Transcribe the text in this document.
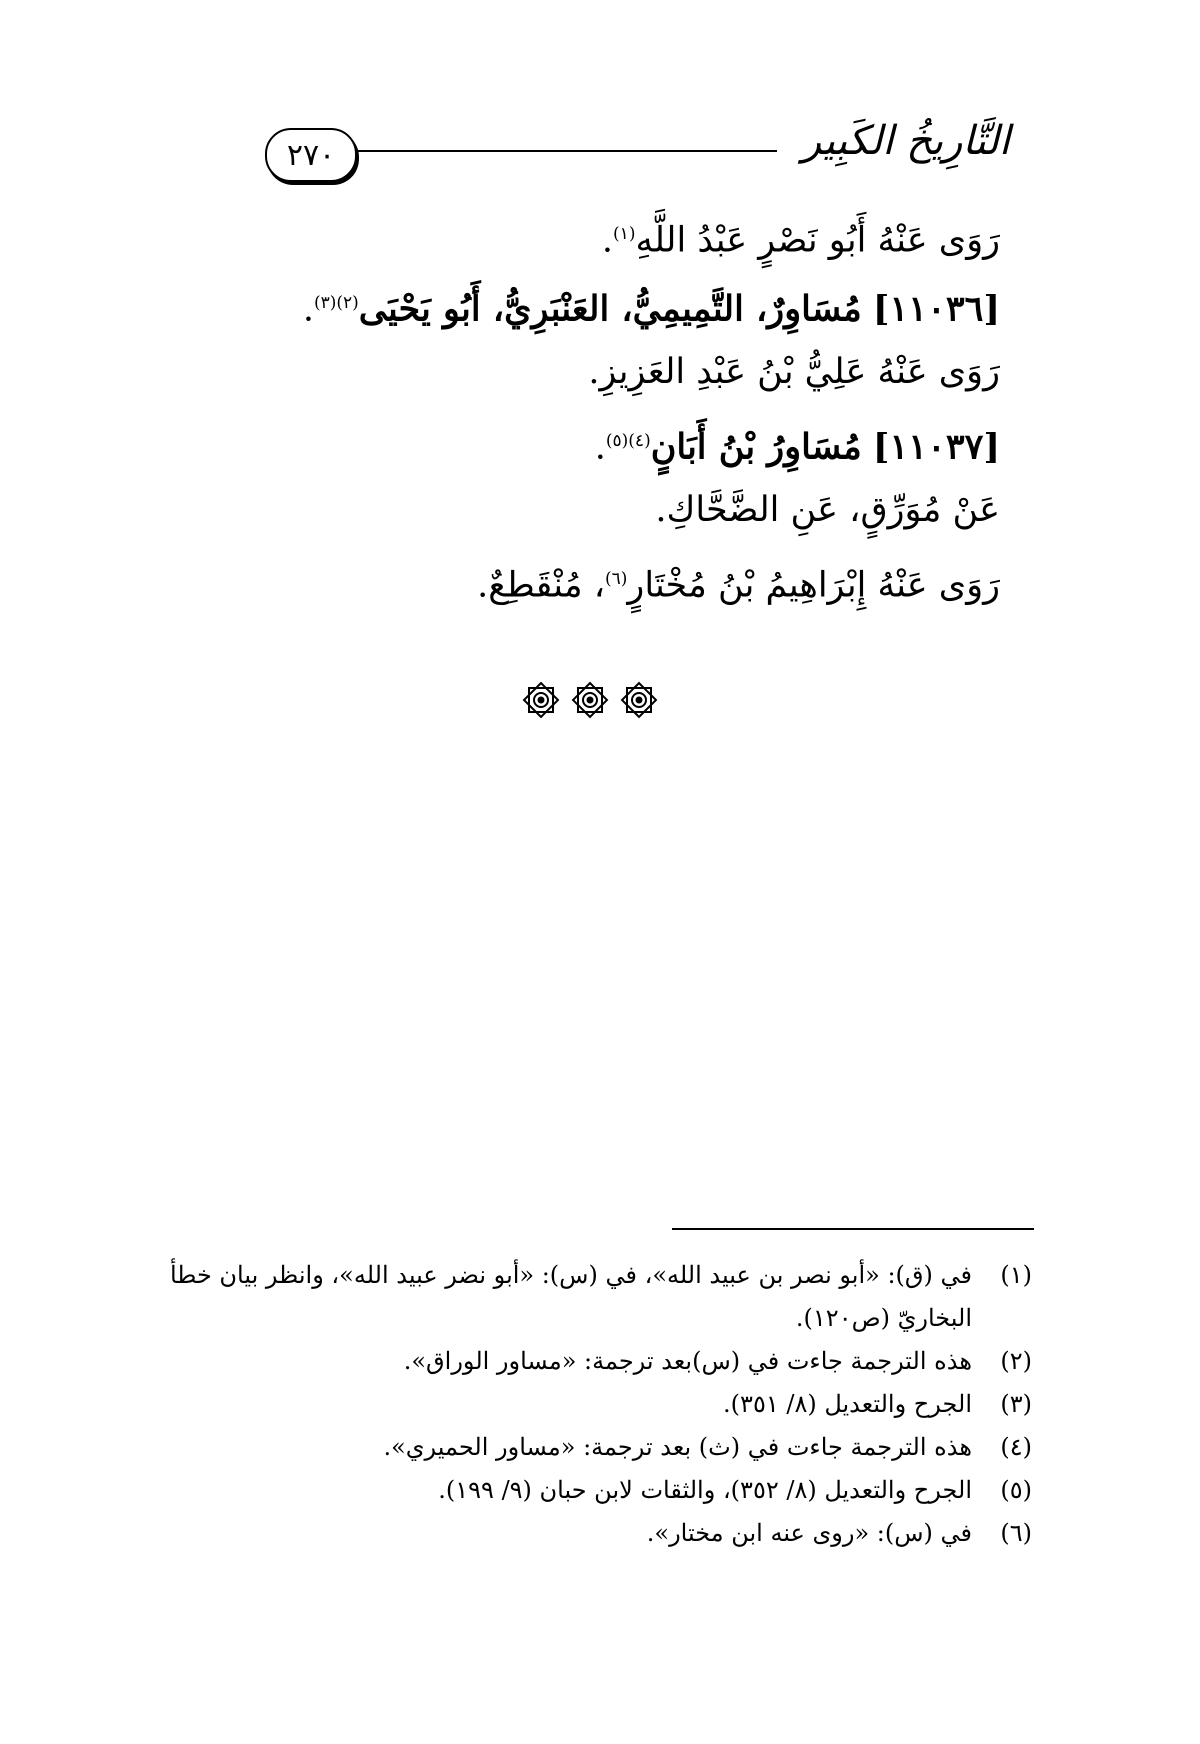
٢٧٠	التَّارِيخُ الكَبِير
رَوَى عَنْهُ أَبُو نَصْرٍ عَبْدُ اللَّهِ$^{(١)}$.
[١١٠٣٦] مُسَاوِرٌ، التَّمِيمِيُّ، العَنْبَرِيُّ، أَبُو يَحْيَى$^{(٢)(٣)}$.
رَوَى عَنْهُ عَلِيُّ بْنُ عَبْدِ العَزِيزِ.
[١١٠٣٧] مُسَاوِرُ بْنُ أَبَانٍ$^{(٤)(٥)}$.
عَنْ مُوَرِّقٍ، عَنِ الضَّحَّاكِ.
رَوَى عَنْهُ إِبْرَاهِيمُ بْنُ مُخْتَارٍ$^{(٦)}$، مُنْقَطِعٌ.
(١)
في (ق): «أبو نصر بن عبيد الله»، في (س): «أبو نضر عبيد الله»، وانظر بيان خطأ
البخاريّ (ص١٢٠).
(٢)
هذه الترجمة جاءت في (س)بعد ترجمة: «مساور الوراق».
(٣)
الجرح والتعديل (٨/ ٣٥١).
(٤)
هذه الترجمة جاءت في (ث) بعد ترجمة: «مساور الحميري».
(٥)
الجرح والتعديل (٨/ ٣٥٢)، والثقات لابن حبان (٩/ ١٩٩).
(٦)
في (س): «روى عنه ابن مختار».
